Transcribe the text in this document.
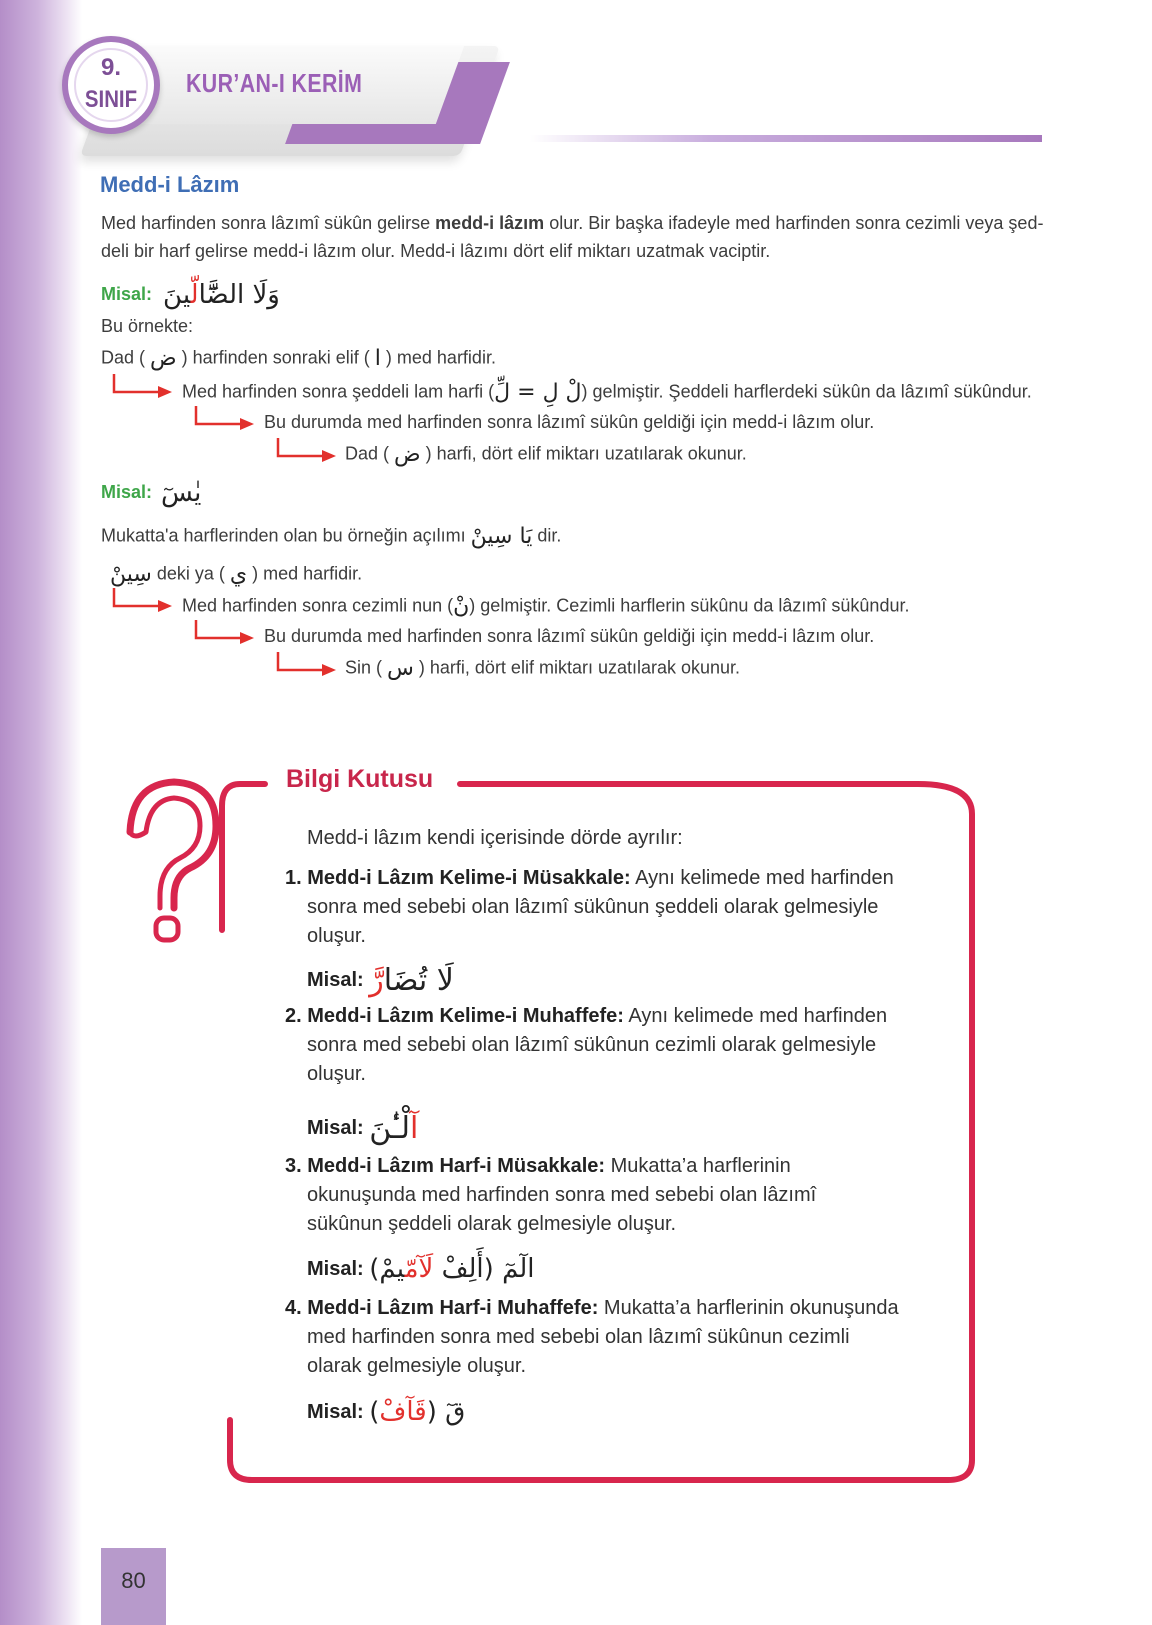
KUR’AN-I KERİM
9.
SINIF
Medd-i Lâzım
Med harfinden sonra lâzımî sükûn gelirse medd-i lâzım olur. Bir başka ifadeyle med harfinden sonra cezimli veya şed-
deli bir harf gelirse medd-i lâzım olur. Medd-i lâzımı dört elif miktarı uzatmak vaciptir.
Misal: وَلَا الضَّٓالّينَ
Bu örnekte:
Dad ( ض ) harfinden sonraki elif ( ا ) med harfidir.
Med harfinden sonra şeddeli lam harfi (لْ لِ = لِّ) gelmiştir. Şeddeli harflerdeki sükûn da lâzımî sükûndur.
Bu durumda med harfinden sonra lâzımî sükûn geldiği için medd-i lâzım olur.
Dad ( ض ) harfi, dört elif miktarı uzatılarak okunur.
Misal: يٰسٓ
Mukatta'a harflerinden olan bu örneğin açılımı يَا سِينْ dir.
سِينْ deki ya ( ي ) med harfidir.
Med harfinden sonra cezimli nun (نْ) gelmiştir. Cezimli harflerin sükûnu da lâzımî sükûndur.
Bu durumda med harfinden sonra lâzımî sükûn geldiği için medd-i lâzım olur.
Sin ( س ) harfi, dört elif miktarı uzatılarak okunur.
Bilgi Kutusu
Medd-i lâzım kendi içerisinde dörde ayrılır:
1. Medd-i Lâzım Kelime-i Müsakkale: Aynı kelimede med harfinden
sonra med sebebi olan lâzımî sükûnun şeddeli olarak gelmesiyle
oluşur.
Misal: لَا تُضَارَّ
2. Medd-i Lâzım Kelime-i Muhaffefe: Aynı kelimede med harfinden
sonra med sebebi olan lâzımî sükûnun cezimli olarak gelmesiyle
oluşur.
Misal: آلْـٰٔنَ
3. Medd-i Lâzım Harf-i Müsakkale: Mukatta’a harflerinin
okunuşunda med harfinden sonra med sebebi olan lâzımî
sükûnun şeddeli olarak gelmesiyle oluşur.
Misal:	الٓمٓ (أَلِفْ لَآمّيمْ)
4. Medd-i Lâzım Harf-i Muhaffefe: Mukatta’a harflerinin okunuşunda
med harfinden sonra med sebebi olan lâzımî sükûnun cezimli
olarak gelmesiyle oluşur.
Misal:	قٓ (قَآفْ)
80
